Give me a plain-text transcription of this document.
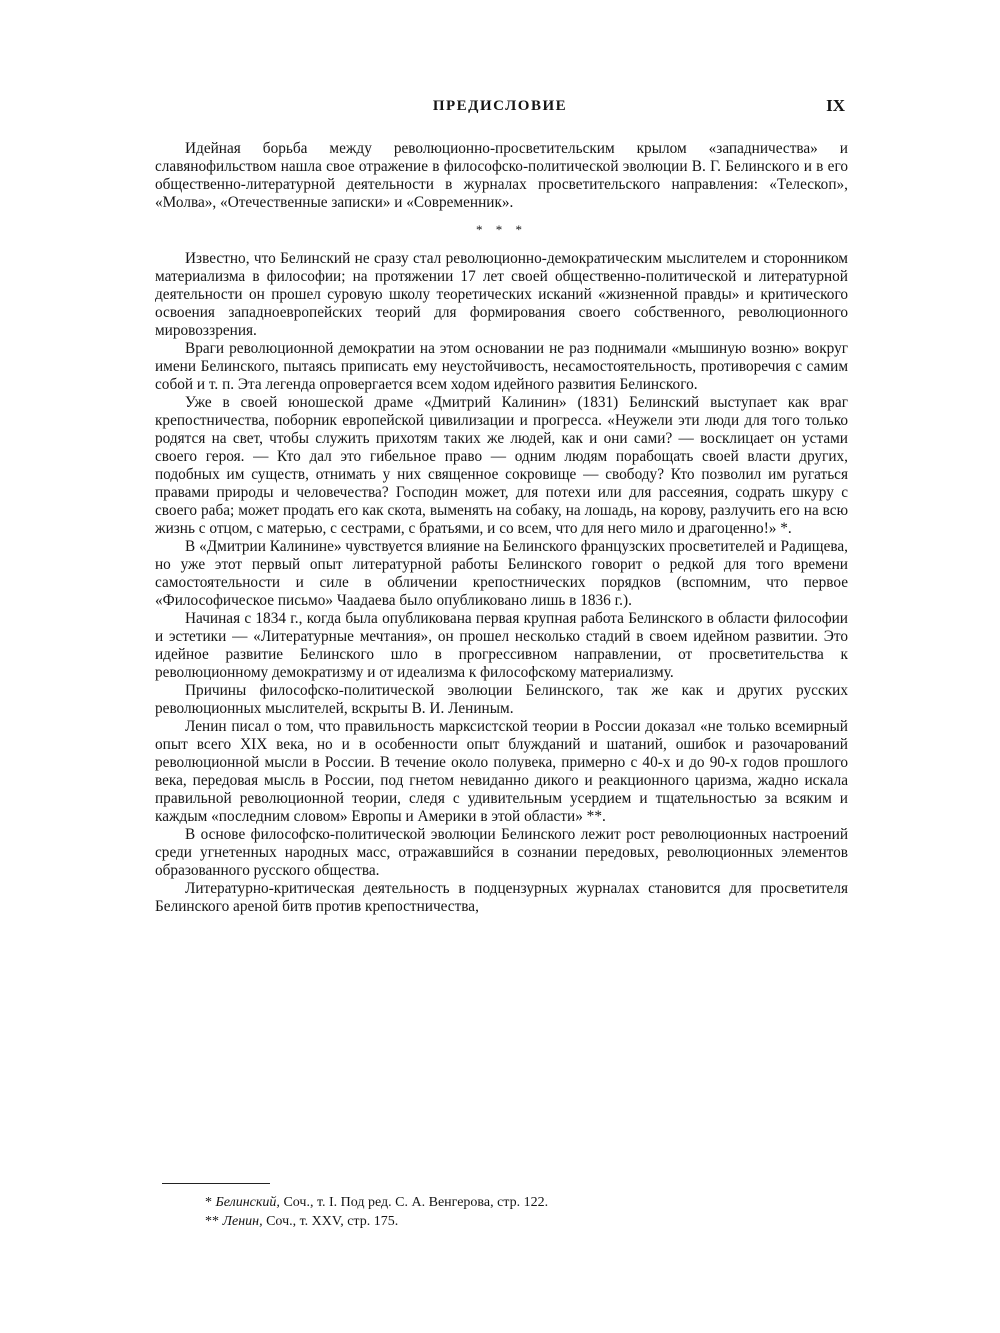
ПРЕДИСЛОВИЕ	IX

Идейная борьба между революционно-просветительским крылом «западничества» и славянофильством нашла свое отражение в философско-политической эволюции В. Г. Белинского и в его общественно-литературной деятельности в журналах просветительского направления: «Телескоп», «Молва», «Отечественные записки» и «Современник».

* * *

Известно, что Белинский не сразу стал революционно-демократическим мыслителем и сторонником материализма в философии; на протяжении 17 лет своей общественно-политической и литературной деятельности он прошел суровую школу теоретических исканий «жизненной правды» и критического освоения западноевропейских теорий для формирования своего собственного, революционного мировоззрения.

Враги революционной демократии на этом основании не раз поднимали «мышиную возню» вокруг имени Белинского, пытаясь приписать ему неустойчивость, несамостоятельность, противоречия с самим собой и т. п. Эта легенда опровергается всем ходом идейного развития Белинского.

Уже в своей юношеской драме «Дмитрий Калинин» (1831) Белинский выступает как враг крепостничества, поборник европейской цивилизации и прогресса. «Неужели эти люди для того только родятся на свет, чтобы служить прихотям таких же людей, как и они сами? — восклицает он устами своего героя. — Кто дал это гибельное право — одним людям порабощать своей власти других, подобных им существ, отнимать у них священное сокровище — свободу? Кто позволил им ругаться правами природы и человечества? Господин может, для потехи или для рассеяния, содрать шкуру с своего раба; может продать его как скота, выменять на собаку, на лошадь, на корову, разлучить его на всю жизнь с отцом, с матерью, с сестрами, с братьями, и со всем, что для него мило и драгоценно!» *.

В «Дмитрии Калинине» чувствуется влияние на Белинского французских просветителей и Радищева, но уже этот первый опыт литературной работы Белинского говорит о редкой для того времени самостоятельности и силе в обличении крепостнических порядков (вспомним, что первое «Философическое письмо» Чаадаева было опубликовано лишь в 1836 г.).

Начиная с 1834 г., когда была опубликована первая крупная работа Белинского в области философии и эстетики — «Литературные мечтания», он прошел несколько стадий в своем идейном развитии. Это идейное развитие Белинского шло в прогрессивном направлении, от просветительства к революционному демократизму и от идеализма к философскому материализму.

Причины философско-политической эволюции Белинского, так же как и других русских революционных мыслителей, вскрыты В. И. Лениным.

Ленин писал о том, что правильность марксистской теории в России доказал «не только всемирный опыт всего XIX века, но и в особенности опыт блужданий и шатаний, ошибок и разочарований революционной мысли в России. В течение около полувека, примерно с 40-х и до 90-х годов прошлого века, передовая мысль в России, под гнетом невиданно дикого и реакционного царизма, жадно искала правильной революционной теории, следя с удивительным усердием и тщательностью за всяким и каждым «последним словом» Европы и Америки в этой области» **.

В основе философско-политической эволюции Белинского лежит рост революционных настроений среди угнетенных народных масс, отражавшийся в сознании передовых, революционных элементов образованного русского общества.

Литературно-критическая деятельность в подцензурных журналах становится для просветителя Белинского ареной битв против крепостничества,

* Белинский, Соч., т. I. Под ред. С. А. Венгерова, стр. 122.
** Ленин, Соч., т. XXV, стр. 175.
